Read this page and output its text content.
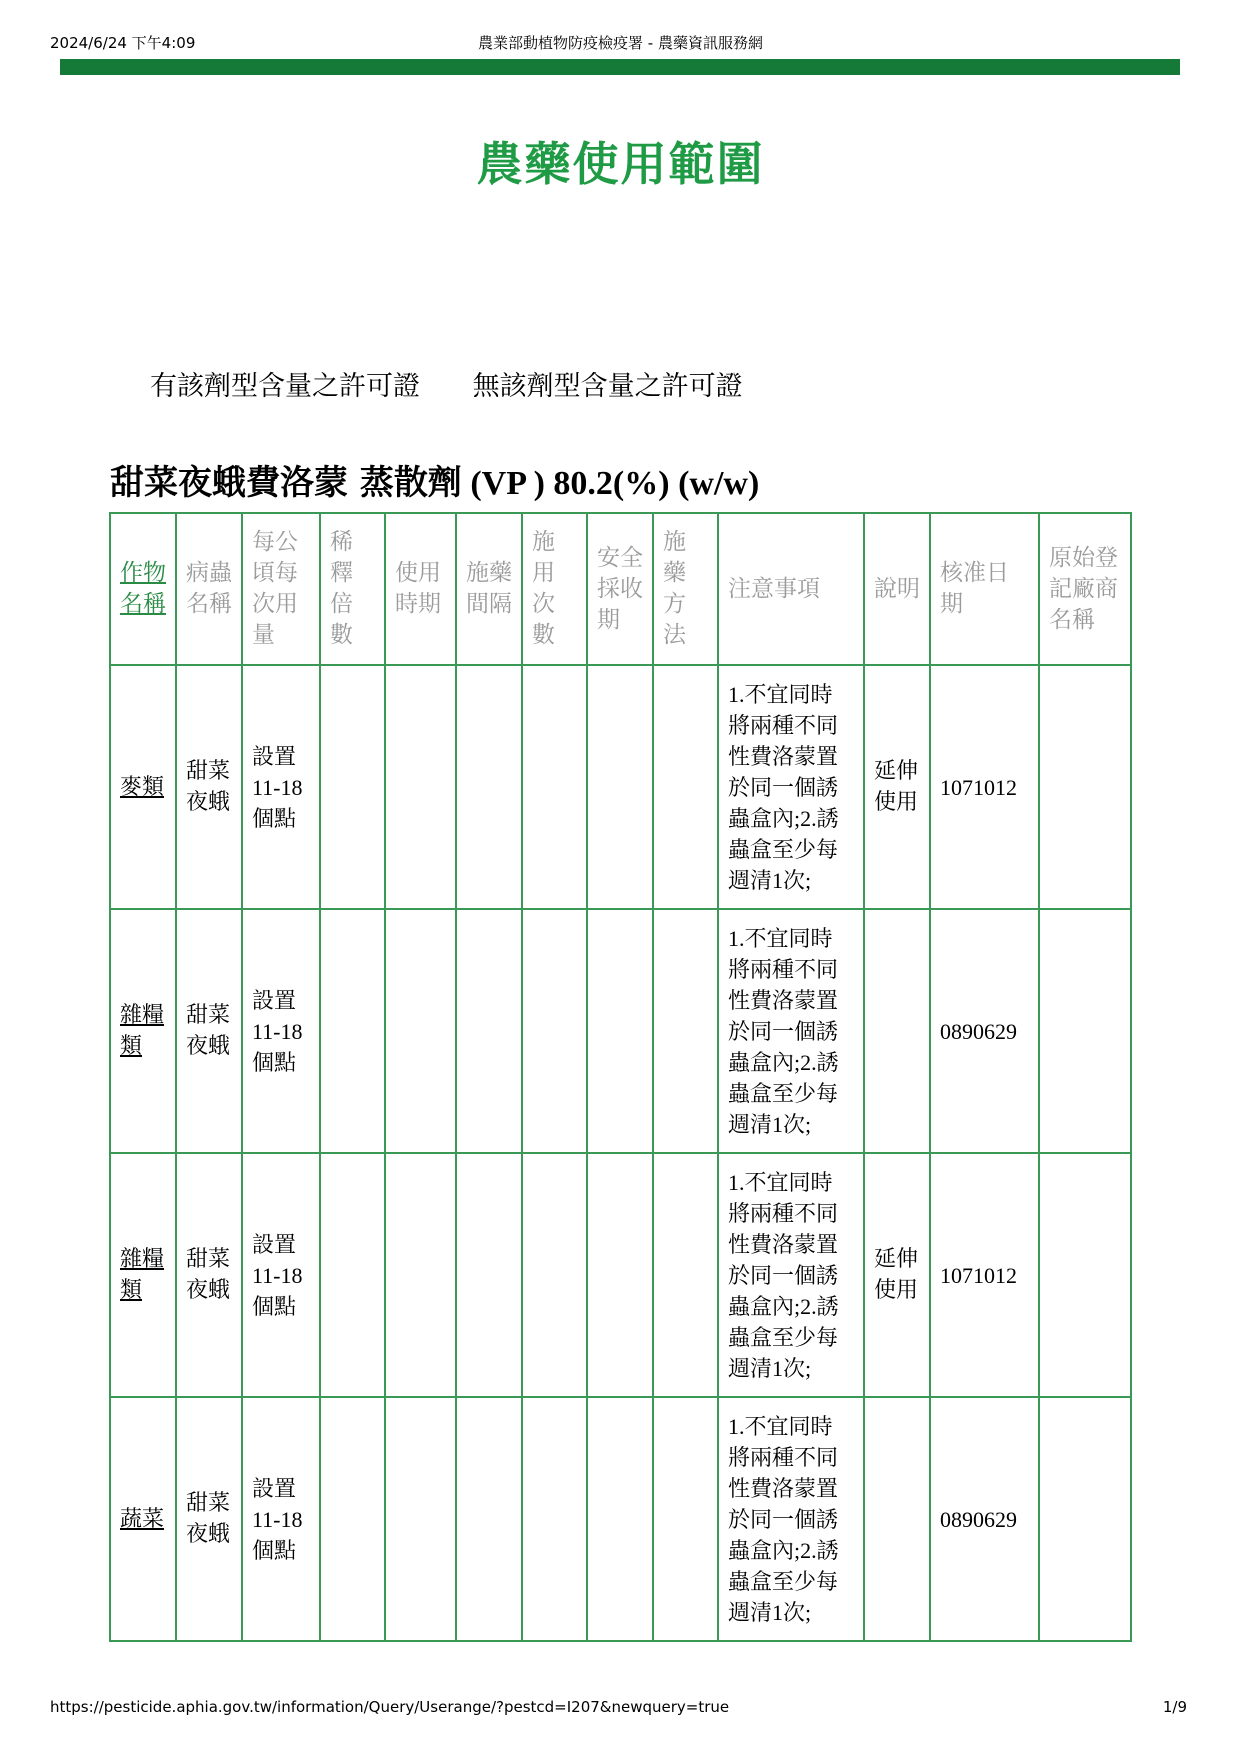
2024/6/24 下午4:09	農業部動植物防疫檢疫署 - 農藥資訊服務網
農藥使用範圍
有該劑型含量之許可證 無該劑型含量之許可證
甜菜夜蛾費洛蒙 蒸散劑 (VP ) 80.2(%) (w/w)
作物名稱	病蟲名稱	每公頃每次用量	稀釋倍數	使用時期	施藥間隔	施用次數	安全採收期	施藥方法	注意事項	說明	核准日期	原始登記廠商名稱
麥類	甜菜夜蛾	設置11-18個點							1.不宜同時將兩種不同性費洛蒙置於同一個誘蟲盒內;2.誘蟲盒至少每週清1次;	延伸使用	1071012	
雜糧類	甜菜夜蛾	設置11-18個點							1.不宜同時將兩種不同性費洛蒙置於同一個誘蟲盒內;2.誘蟲盒至少每週清1次;		0890629	
雜糧類	甜菜夜蛾	設置11-18個點							1.不宜同時將兩種不同性費洛蒙置於同一個誘蟲盒內;2.誘蟲盒至少每週清1次;	延伸使用	1071012	
蔬菜	甜菜夜蛾	設置11-18個點							1.不宜同時將兩種不同性費洛蒙置於同一個誘蟲盒內;2.誘蟲盒至少每週清1次;		0890629	
https://pesticide.aphia.gov.tw/information/Query/Userange/?pestcd=I207&newquery=true	1/9
